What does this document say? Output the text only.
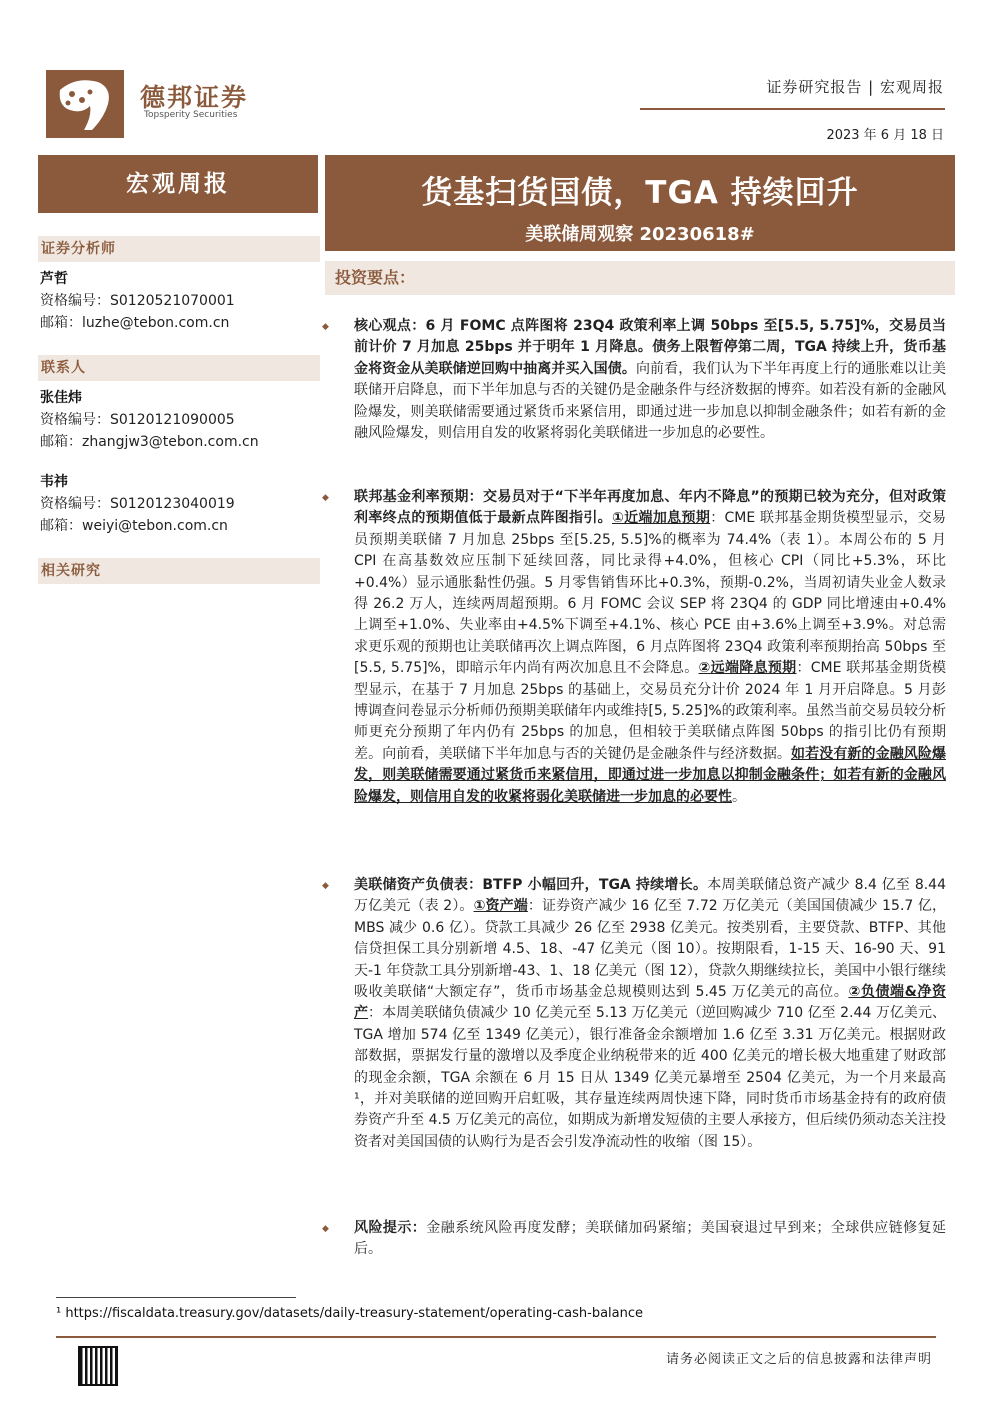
德邦证券
Topsperity Securities
证券研究报告 | 宏观周报
2023 年 6 月 18 日
宏观周报	货基扫货国债，TGA 持续回升
美联储周观察 20230618#
证券分析师
芦哲
资格编号：S0120521070001
邮箱：luzhe@tebon.com.cn
联系人
张佳炜
资格编号：S0120121090005
邮箱：zhangjw3@tebon.com.cn
韦祎
资格编号：S0120123040019
邮箱：weiyi@tebon.com.cn
相关研究
投资要点：
◆	核心观点：6 月 FOMC 点阵图将 23Q4 政策利率上调 50bps 至[5.5, 5.75]%，交易员当前计价 7 月加息 25bps 并于明年 1 月降息。债务上限暂停第二周，TGA 持续上升，货币基金将资金从美联储逆回购中抽离并买入国债。向前看，我们认为下半年再度上行的通胀难以让美联储开启降息，而下半年加息与否的关键仍是金融条件与经济数据的博弈。如若没有新的金融风险爆发，则美联储需要通过紧货币来紧信用，即通过进一步加息以抑制金融条件；如若有新的金融风险爆发，则信用自发的收紧将弱化美联储进一步加息的必要性。
◆	联邦基金利率预期：交易员对于“下半年再度加息、年内不降息”的预期已较为充分，但对政策利率终点的预期值低于最新点阵图指引。①近端加息预期：CME 联邦基金期货模型显示，交易员预期美联储 7 月加息 25bps 至[5.25, 5.5]%的概率为 74.4%（表 1）。本周公布的 5 月 CPI 在高基数效应压制下延续回落，同比录得+4.0%，但核心 CPI（同比+5.3%，环比+0.4%）显示通胀黏性仍强。5 月零售销售环比+0.3%，预期-0.2%，当周初请失业金人数录得 26.2 万人，连续两周超预期。6 月 FOMC 会议 SEP 将 23Q4 的 GDP 同比增速由+0.4%上调至+1.0%、失业率由+4.5%下调至+4.1%、核心 PCE 由+3.6%上调至+3.9%。对总需求更乐观的预期也让美联储再次上调点阵图，6 月点阵图将 23Q4 政策利率预期抬高 50bps 至[5.5, 5.75]%，即暗示年内尚有两次加息且不会降息。②远端降息预期：CME 联邦基金期货模型显示，在基于 7 月加息 25bps 的基础上，交易员充分计价 2024 年 1 月开启降息。5 月彭博调查问卷显示分析师仍预期美联储年内或维持[5, 5.25]%的政策利率。虽然当前交易员较分析师更充分预期了年内仍有 25bps 的加息，但相较于美联储点阵图 50bps 的指引比仍有预期差。向前看，美联储下半年加息与否的关键仍是金融条件与经济数据。如若没有新的金融风险爆发，则美联储需要通过紧货币来紧信用，即通过进一步加息以抑制金融条件；如若有新的金融风险爆发，则信用自发的收紧将弱化美联储进一步加息的必要性。
◆	美联储资产负债表：BTFP 小幅回升，TGA 持续增长。本周美联储总资产减少 8.4 亿至 8.44 万亿美元（表 2）。①资产端：证券资产减少 16 亿至 7.72 万亿美元（美国国债减少 15.7 亿，MBS 减少 0.6 亿）。贷款工具减少 26 亿至 2938 亿美元。按类别看，主要贷款、BTFP、其他信贷担保工具分别新增 4.5、18、-47 亿美元（图 10）。按期限看，1-15 天、16-90 天、91 天-1 年贷款工具分别新增-43、1、18 亿美元（图 12），贷款久期继续拉长，美国中小银行继续吸收美联储“大额定存”，货币市场基金总规模则达到 5.45 万亿美元的高位。②负债端&净资产：本周美联储负债减少 10 亿美元至 5.13 万亿美元（逆回购减少 710 亿至 2.44 万亿美元、TGA 增加 574 亿至 1349 亿美元），银行准备金余额增加 1.6 亿至 3.31 万亿美元。根据财政部数据，票据发行量的激增以及季度企业纳税带来的近 400 亿美元的增长极大地重建了财政部的现金余额，TGA 余额在 6 月 15 日从 1349 亿美元暴增至 2504 亿美元，为一个月来最高¹，并对美联储的逆回购开启虹吸，其存量连续两周快速下降，同时货币市场基金持有的政府债券资产升至 4.5 万亿美元的高位，如期成为新增发短债的主要人承接方，但后续仍须动态关注投资者对美国国债的认购行为是否会引发净流动性的收缩（图 15）。
◆	风险提示：金融系统风险再度发酵；美联储加码紧缩；美国衰退过早到来；全球供应链修复延后。
¹ https://fiscaldata.treasury.gov/datasets/daily-treasury-statement/operating-cash-balance
请务必阅读正文之后的信息披露和法律声明
